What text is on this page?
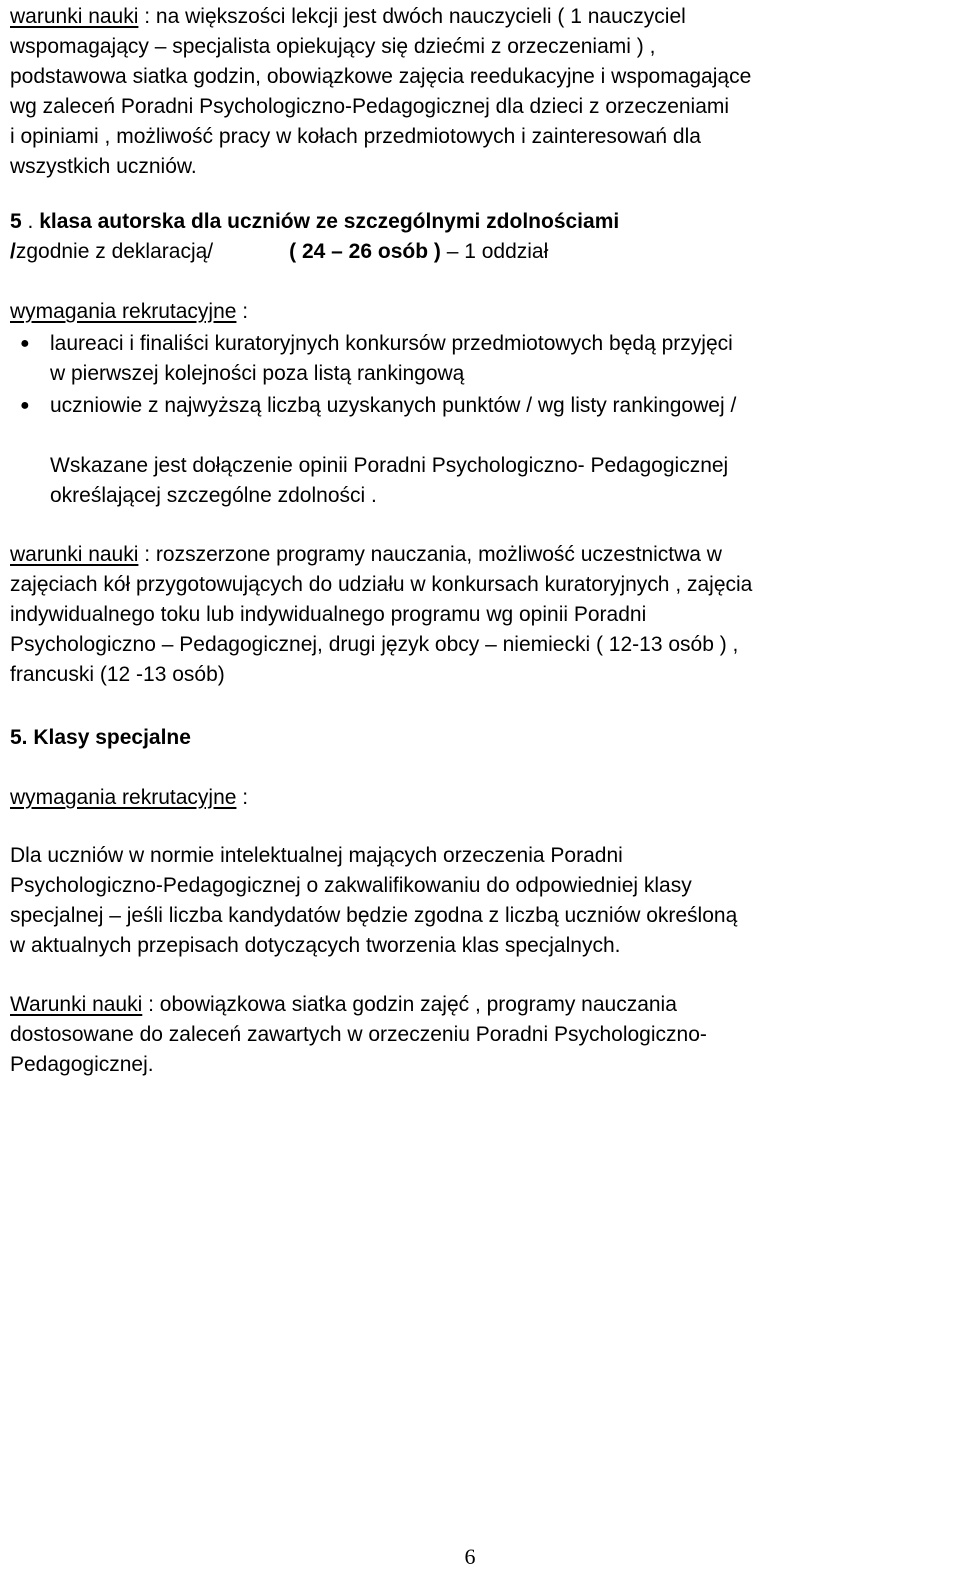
warunki nauki : na większości lekcji jest dwóch nauczycieli ( 1 nauczyciel
wspomagający – specjalista opiekujący się dziećmi z orzeczeniami ) ,
podstawowa siatka godzin, obowiązkowe zajęcia reedukacyjne i wspomagające
wg zaleceń Poradni Psychologiczno-Pedagogicznej dla dzieci z orzeczeniami
i opiniami , możliwość pracy w kołach przedmiotowych i zainteresowań dla
wszystkich uczniów.
5 . klasa autorska dla uczniów ze szczególnymi zdolnościami
/zgodnie z deklaracją/	( 24 – 26 osób ) – 1 oddział
wymagania rekrutacyjne :
● laureaci i finaliści kuratoryjnych konkursów przedmiotowych będą przyjęci
w pierwszej kolejności poza listą rankingową
● uczniowie z najwyższą liczbą uzyskanych punktów / wg listy rankingowej /
Wskazane jest dołączenie opinii Poradni Psychologiczno- Pedagogicznej
określającej szczególne zdolności .
warunki nauki : rozszerzone programy nauczania, możliwość uczestnictwa w
zajęciach kół przygotowujących do udziału w konkursach kuratoryjnych , zajęcia
indywidualnego toku lub indywidualnego programu wg opinii Poradni
Psychologiczno – Pedagogicznej, drugi język obcy – niemiecki ( 12-13 osób ) ,
francuski (12 -13 osób)
5. Klasy specjalne
wymagania rekrutacyjne :
Dla uczniów w normie intelektualnej mających orzeczenia Poradni
Psychologiczno-Pedagogicznej o zakwalifikowaniu do odpowiedniej klasy
specjalnej – jeśli liczba kandydatów będzie zgodna z liczbą uczniów określoną
w aktualnych przepisach dotyczących tworzenia klas specjalnych.
Warunki nauki : obowiązkowa siatka godzin zajęć , programy nauczania
dostosowane do zaleceń zawartych w orzeczeniu Poradni Psychologiczno-
Pedagogicznej.
6
